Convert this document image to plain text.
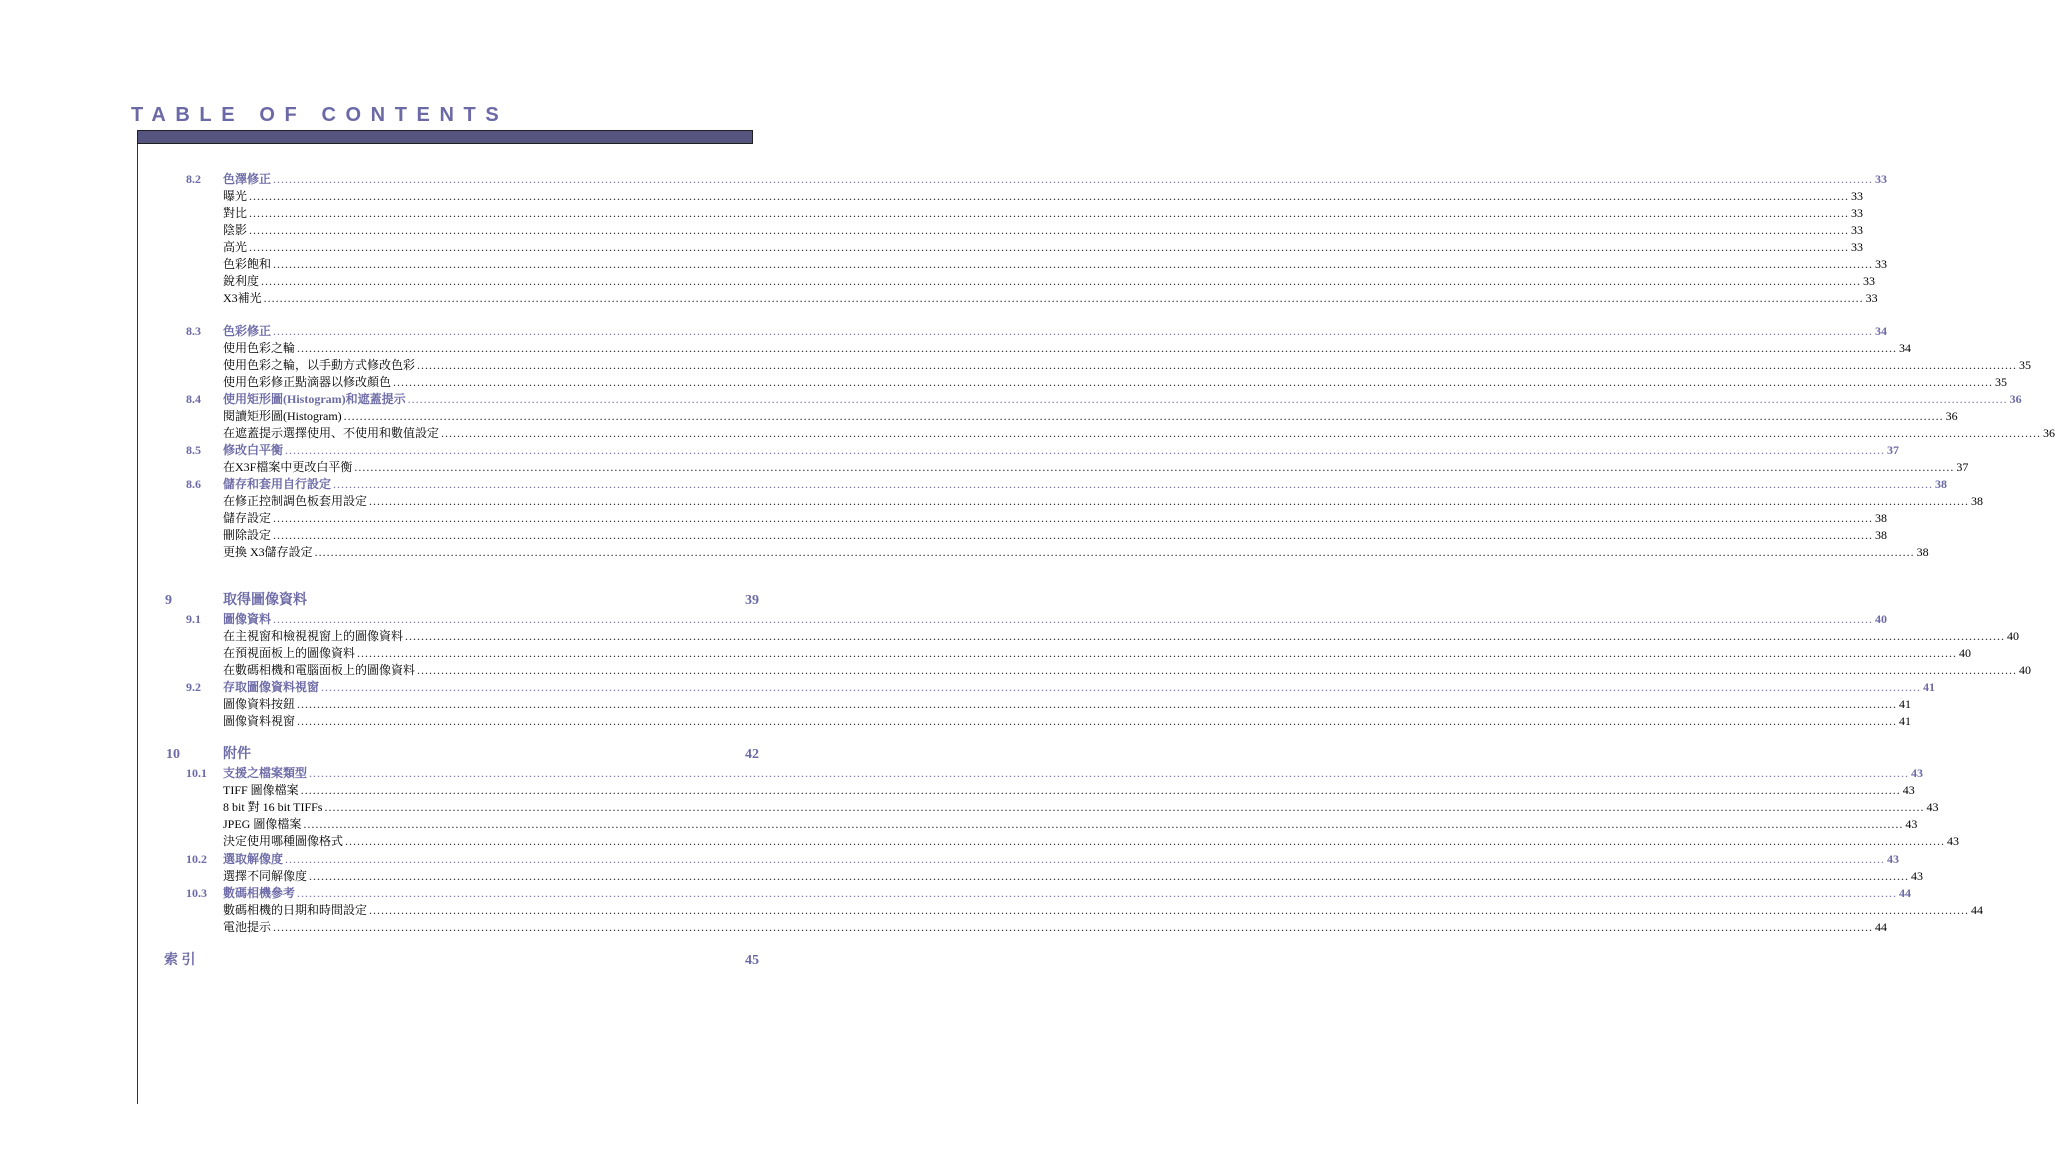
TABLE OF CONTENTS
8.2 色澤修正 ................................................................................................................................................................................................................................................................................................................................................................................................................ 33
曝光 ................................................................................................................................................................................................................................................................................................................................................................................................................ 33
對比 ................................................................................................................................................................................................................................................................................................................................................................................................................ 33
陰影 ................................................................................................................................................................................................................................................................................................................................................................................................................ 33
高光 ................................................................................................................................................................................................................................................................................................................................................................................................................ 33
色彩飽和 ................................................................................................................................................................................................................................................................................................................................................................................................................ 33
銳利度 ................................................................................................................................................................................................................................................................................................................................................................................................................ 33
X3補光 ................................................................................................................................................................................................................................................................................................................................................................................................................ 33
8.3 色彩修正 ................................................................................................................................................................................................................................................................................................................................................................................................................ 34
使用色彩之輪 ................................................................................................................................................................................................................................................................................................................................................................................................................ 34
使用色彩之輪，以手動方式修改色彩 ................................................................................................................................................................................................................................................................................................................................................................................................................ 35
使用色彩修正點滴器以修改顏色 ................................................................................................................................................................................................................................................................................................................................................................................................................ 35
8.4 使用矩形圖(Histogram)和遮蓋提示 ................................................................................................................................................................................................................................................................................................................................................................................................................ 36
閱讀矩形圖(Histogram) ................................................................................................................................................................................................................................................................................................................................................................................................................ 36
在遮蓋提示選擇使用、不使用和數值設定 ................................................................................................................................................................................................................................................................................................................................................................................................................ 36
8.5 修改白平衡 ................................................................................................................................................................................................................................................................................................................................................................................................................ 37
在X3F檔案中更改白平衡 ................................................................................................................................................................................................................................................................................................................................................................................................................ 37
8.6 儲存和套用自行設定 ................................................................................................................................................................................................................................................................................................................................................................................................................ 38
在修正控制調色板套用設定 ................................................................................................................................................................................................................................................................................................................................................................................................................ 38
儲存設定 ................................................................................................................................................................................................................................................................................................................................................................................................................ 38
刪除設定 ................................................................................................................................................................................................................................................................................................................................................................................................................ 38
更換 X3儲存設定 ................................................................................................................................................................................................................................................................................................................................................................................................................ 38
9	取得圖像資料	39
9.1 圖像資料 ................................................................................................................................................................................................................................................................................................................................................................................................................ 40
在主視窗和檢視視窗上的圖像資料 ................................................................................................................................................................................................................................................................................................................................................................................................................ 40
在預視面板上的圖像資料 ................................................................................................................................................................................................................................................................................................................................................................................................................ 40
在數碼相機和電腦面板上的圖像資料 ................................................................................................................................................................................................................................................................................................................................................................................................................ 40
9.2 存取圖像資料視窗 ................................................................................................................................................................................................................................................................................................................................................................................................................ 41
圖像資料按鈕 ................................................................................................................................................................................................................................................................................................................................................................................................................ 41
圖像資料視窗 ................................................................................................................................................................................................................................................................................................................................................................................................................ 41
10	附件	42
10.1 支援之檔案類型 ................................................................................................................................................................................................................................................................................................................................................................................................................ 43
TIFF 圖像檔案 ................................................................................................................................................................................................................................................................................................................................................................................................................ 43
8 bit 對 16 bit TIFFs ................................................................................................................................................................................................................................................................................................................................................................................................................ 43
JPEG 圖像檔案 ................................................................................................................................................................................................................................................................................................................................................................................................................ 43
決定使用哪種圖像格式 ................................................................................................................................................................................................................................................................................................................................................................................................................ 43
10.2 選取解像度 ................................................................................................................................................................................................................................................................................................................................................................................................................ 43
選擇不同解像度 ................................................................................................................................................................................................................................................................................................................................................................................................................ 43
10.3 數碼相機參考 ................................................................................................................................................................................................................................................................................................................................................................................................................ 44
數碼相機的日期和時間設定 ................................................................................................................................................................................................................................................................................................................................................................................................................ 44
電池提示 ................................................................................................................................................................................................................................................................................................................................................................................................................ 44
索 引	45
